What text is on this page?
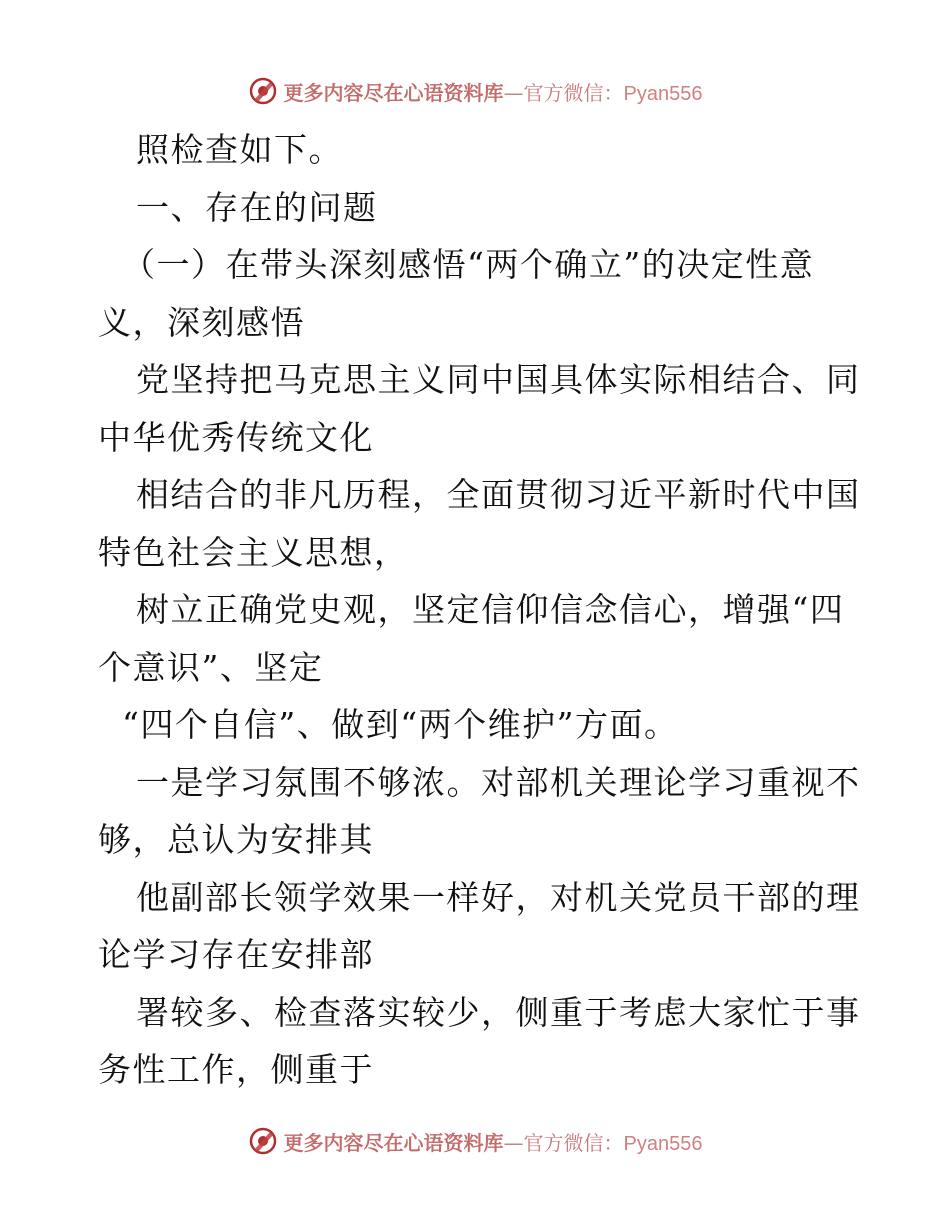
更多内容尽在心语资料库—官方微信：Pyan556
照检查如下。
一、存在的问题
（一）在带头深刻感悟“两个确立”的决定性意
义，深刻感悟
党坚持把马克思主义同中国具体实际相结合、同
中华优秀传统文化
相结合的非凡历程，全面贯彻习近平新时代中国
特色社会主义思想，
树立正确党史观，坚定信仰信念信心，增强“四
个意识”、坚定
“四个自信”、做到“两个维护”方面。
一是学习氛围不够浓。对部机关理论学习重视不
够，总认为安排其
他副部长领学效果一样好，对机关党员干部的理
论学习存在安排部
署较多、检查落实较少，侧重于考虑大家忙于事
务性工作，侧重于
更多内容尽在心语资料库—官方微信：Pyan556
